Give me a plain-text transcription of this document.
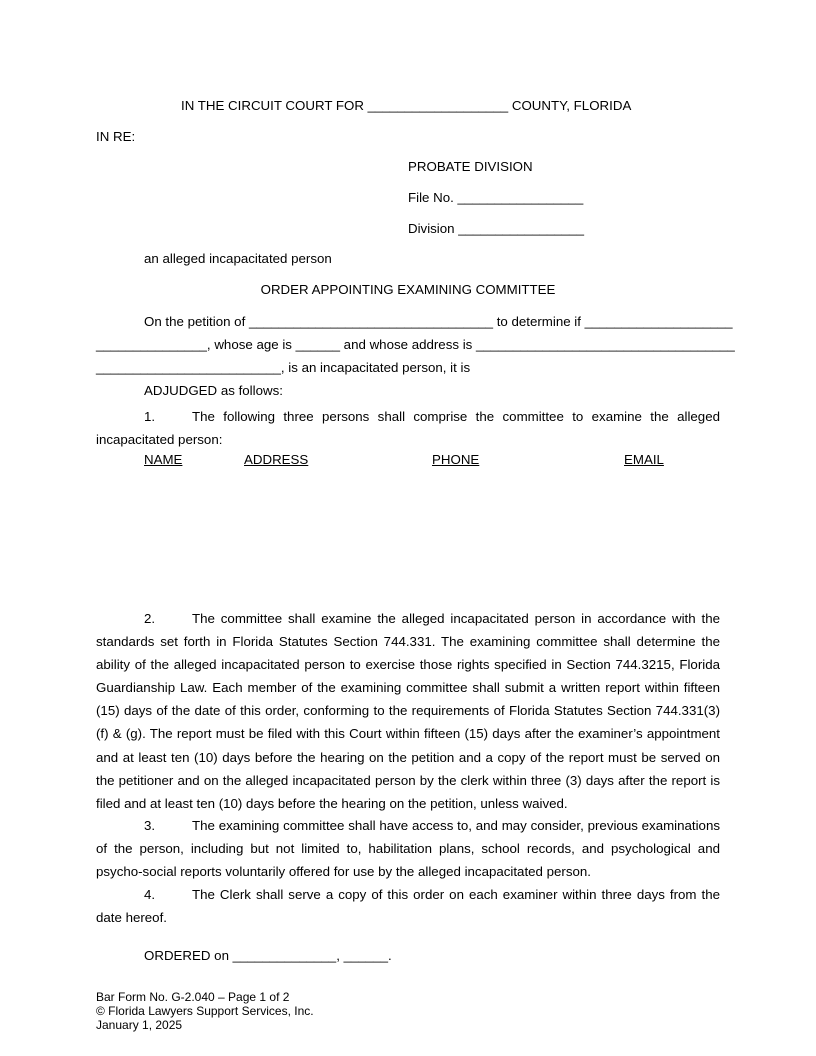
IN THE CIRCUIT COURT FOR ___________________ COUNTY, FLORIDA
IN RE:
PROBATE DIVISION
File No. _________________
Division _________________
an alleged incapacitated person
ORDER APPOINTING EXAMINING COMMITTEE
On the petition of _________________________________ to determine if ____________________
_______________, whose age is ______ and whose address is ___________________________________
_________________________, is an incapacitated person, it is
ADJUDGED as follows:
1.	The following three persons shall comprise the committee to examine the alleged incapacitated person:
NAME	ADDRESS	PHONE	EMAIL
2.	The committee shall examine the alleged incapacitated person in accordance with the standards set forth in Florida Statutes Section 744.331. The examining committee shall determine the ability of the alleged incapacitated person to exercise those rights specified in Section 744.3215, Florida Guardianship Law. Each member of the examining committee shall submit a written report within fifteen (15) days of the date of this order, conforming to the requirements of Florida Statutes Section 744.331(3)(f) & (g). The report must be filed with this Court within fifteen (15) days after the examiner’s appointment and at least ten (10) days before the hearing on the petition and a copy of the report must be served on the petitioner and on the alleged incapacitated person by the clerk within three (3) days after the report is filed and at least ten (10) days before the hearing on the petition, unless waived.
3.	The examining committee shall have access to, and may consider, previous examinations of the person, including but not limited to, habilitation plans, school records, and psychological and psycho-social reports voluntarily offered for use by the alleged incapacitated person.
4.	The Clerk shall serve a copy of this order on each examiner within three days from the date hereof.
ORDERED on ______________, ______.
Bar Form No. G-2.040 – Page 1 of 2
© Florida Lawyers Support Services, Inc.
January 1, 2025
